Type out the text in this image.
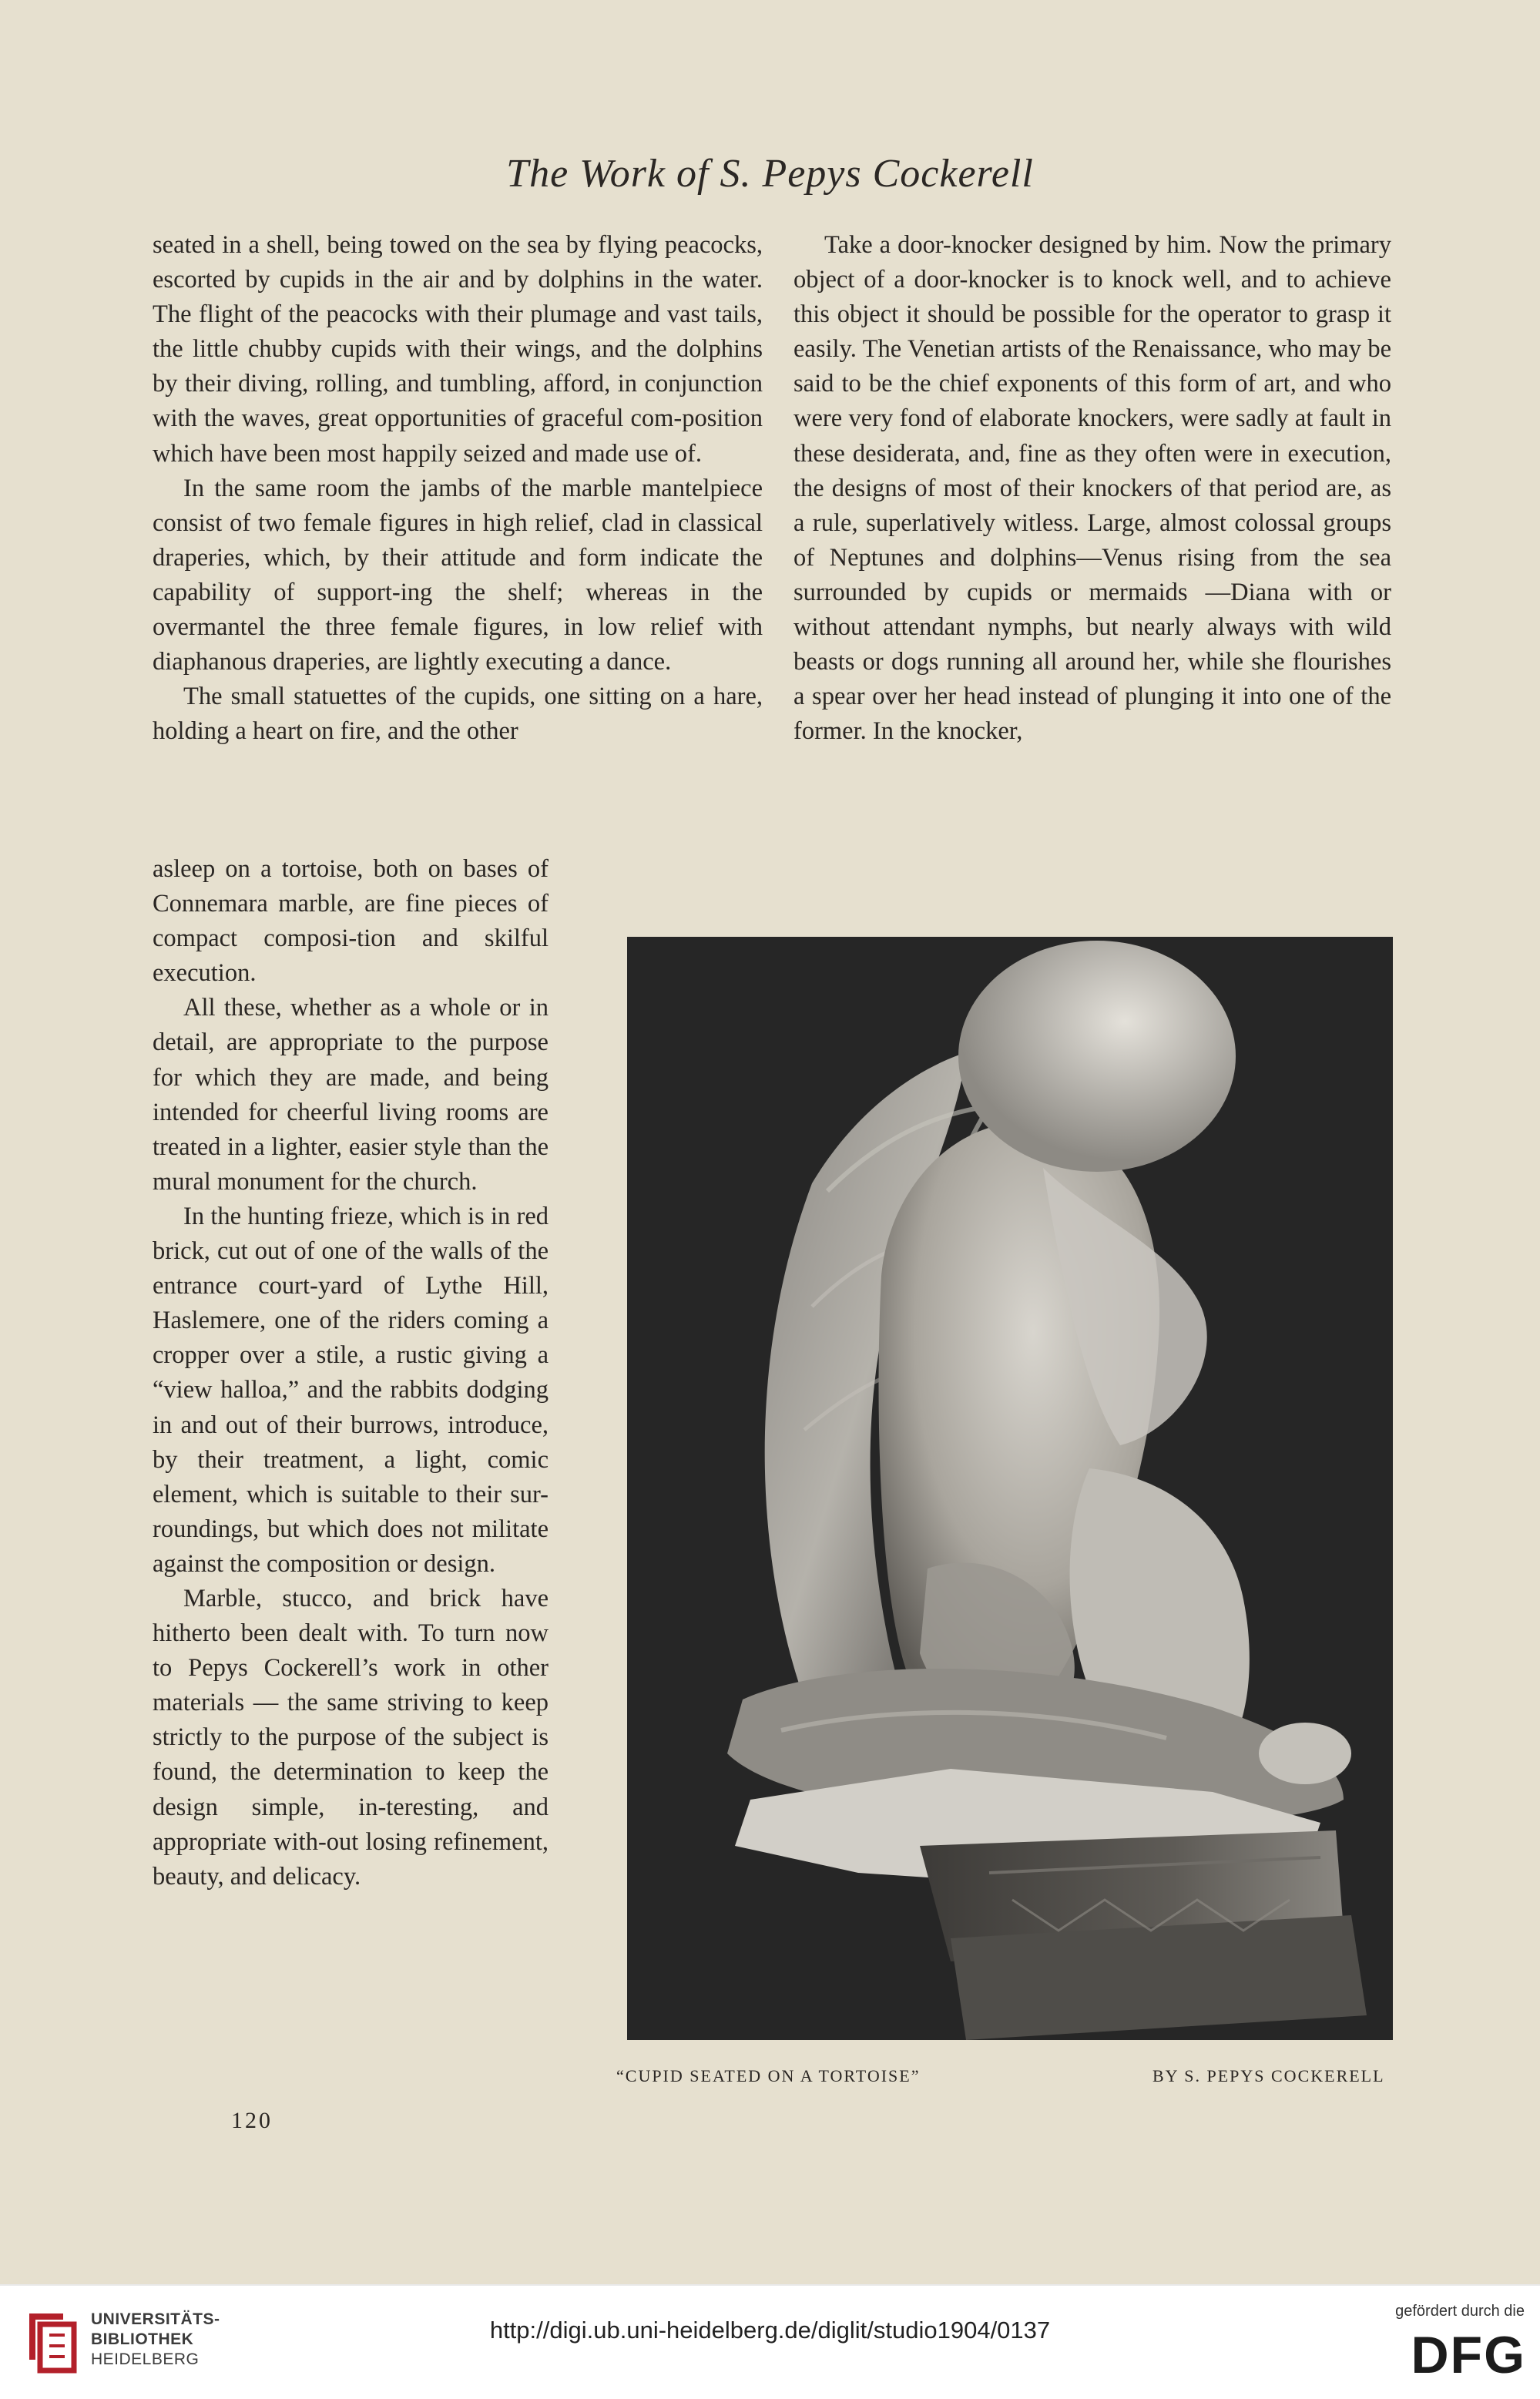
The Work of S. Pepys Cockerell

seated in a shell, being towed on the sea by flying peacocks, escorted by cupids in the air and by dolphins in the water. The flight of the peacocks with their plumage and vast tails, the little chubby cupids with their wings, and the dolphins by their diving, rolling, and tumbling, afford, in conjunction with the waves, great opportunities of graceful com-position which have been most happily seized and made use of.

In the same room the jambs of the marble mantelpiece consist of two female figures in high relief, clad in classical draperies, which, by their attitude and form indicate the capability of support-ing the shelf; whereas in the overmantel the three female figures, in low relief with diaphanous draperies, are lightly executing a dance.

The small statuettes of the cupids, one sitting on a hare, holding a heart on fire, and the other

asleep on a tortoise, both on bases of Connemara marble, are fine pieces of compact composi-tion and skilful execution.

All these, whether as a whole or in detail, are appropriate to the purpose for which they are made, and being intended for cheerful living rooms are treated in a lighter, easier style than the mural monument for the church.

In the hunting frieze, which is in red brick, cut out of one of the walls of the entrance court-yard of Lythe Hill, Haslemere, one of the riders coming a cropper over a stile, a rustic giving a “view halloa,” and the rabbits dodging in and out of their burrows, introduce, by their treatment, a light, comic element, which is suitable to their sur-roundings, but which does not militate against the composition or design.

Marble, stucco, and brick have hitherto been dealt with. To turn now to Pepys Cockerell’s work in other materials — the same striving to keep strictly to the purpose of the subject is found, the determination to keep the design simple, in-teresting, and appropriate with-out losing refinement, beauty, and delicacy.

Take a door-knocker designed by him. Now the primary object of a door-knocker is to knock well, and to achieve this object it should be possible for the operator to grasp it easily. The Venetian artists of the Renaissance, who may be said to be the chief exponents of this form of art, and who were very fond of elaborate knockers, were sadly at fault in these desiderata, and, fine as they often were in execution, the designs of most of their knockers of that period are, as a rule, superlatively witless. Large, almost colossal groups of Neptunes and dolphins—Venus rising from the sea surrounded by cupids or mermaids —Diana with or without attendant nymphs, but nearly always with wild beasts or dogs running all around her, while she flourishes a spear over her head instead of plunging it into one of the former. In the knocker,

“CUPID SEATED ON A TORTOISE”	BY S. PEPYS COCKERELL
120
UNIVERSITÄTS-
BIBLIOTHEK
HEIDELBERG
http://digi.ub.uni-heidelberg.de/diglit/studio1904/0137
gefördert durch die
DFG
